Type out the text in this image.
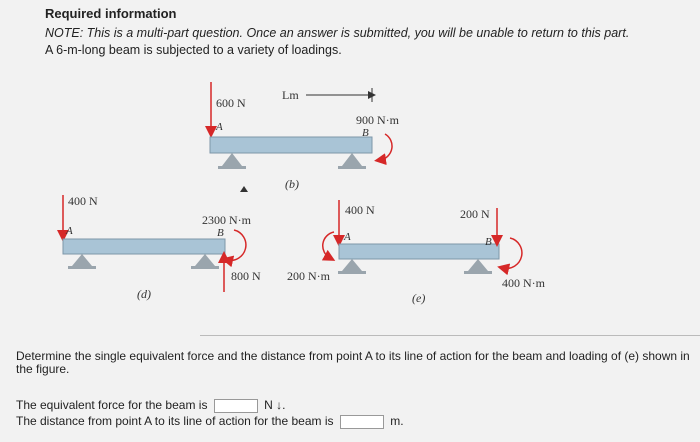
Required information
NOTE: This is a multi-part question. Once an answer is submitted, you will be unable to return to this part.
A 6-m-long beam is subjected to a variety of loadings.
600 N
A
Lm
900 N·m
B
(b)
400 N
A
2300 N·m
B
800 N
(d)
400 N
A
200 N·m
200 N
B
400 N·m
(e)
Determine the single equivalent force and the distance from point A to its line of action for the beam and loading of (e) shown in the figure.
The equivalent force for the beam is	N ↓.
The distance from point A to its line of action for the beam is	m.
